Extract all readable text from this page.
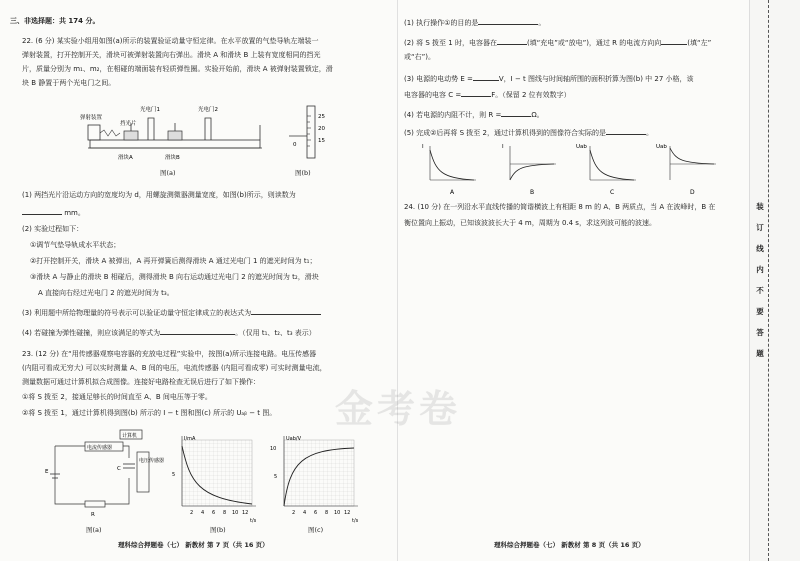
三、非选择题：共 174 分。
22. (6 分) 某实验小组用如图(a)所示的装置验证动量守恒定律。在水平放置的气垫导轨左端装一
弹射装置，打开控制开关，滑块可被弹射装置向右弹出。滑块 A 和滑块 B 上装有宽度相同的挡光
片，质量分别为 m₁、m₂，在相碰的端面装有轻质弹性圈。实验开始前，滑块 A 被弹射装置锁定，滑
块 B 静置于两个光电门之间。
弹射装置
挡光片
光电门1	光电门2
滑块A	滑块B
图(a)
25
20
15
0
图(b)
(1) 两挡光片沿运动方向的宽度均为 d，用螺旋测微器测量宽度，如图(b)所示，则读数为
mm。
(2) 实验过程如下：
①调节气垫导轨成水平状态；
②打开控制开关，滑块 A 被弹出，A 再开弹簧后测得滑块 A 通过光电门 1 的遮光时间为 t₁；
③滑块 A 与静止的滑块 B 相碰后，测得滑块 B 向右运动通过光电门 2 的遮光时间为 t₂，滑块
A 直接向右经过光电门 2 的遮光时间为 t₃。
(3) 利用题中所给物理量的符号表示可以验证动量守恒定律成立的表达式为
(4) 若碰撞为弹性碰撞，则应该满足的等式为	。（仅用 t₁、t₂、t₃ 表示）
23. (12 分) 在“用传感器观察电容器的充放电过程”实验中，按图(a)所示连接电路。电压传感器
(内阻可看成无穷大) 可以实时测量 A、B 间的电压，电流传感器 (内阻可看成零) 可实时测量电流，
测量数据可通过计算机拟合成图像。连接好电路检查无误后进行了如下操作：
①将 S 拨至 2，接通足够长的时间直至 A、B 间电压等于零。
②将 S 拨至 1，通过计算机得到图(b) 所示的 I − t 图和图(c) 所示的 Uₐᵦ − t 图。
计算机
电流传感器
电压传感器
E
R
C
图(a)
I/mA
5
2 4 6 8 10 12
t/s
图(b)
Uab/V
10
5
2 4 6 8 10 12
t/s
图(c)
理科综合押题卷（七） 新教材 第 7 页（共 16 页）
金考卷
(1) 执行操作①的目的是	。
(2) 将 S 拨至 1 时，电容器在	(填“充电”或“放电”)，通过 R 的电流方向向	(填“左”
或“右”)。
(3) 电源的电动势 E =	V，I − t 图线与时间轴所围的面积折算为图(b) 中 27 小格，该
电容器的电容 C =	F。（保留 2 位有效数字）
(4) 若电源的内阻不计，则 R =	Ω。
(5) 完成②后再将 S 拨至 2，通过计算机得到的图像符合实际的是	。
I
A
I
B
Uab
C
Uab
D
24. (10 分) 在一列沿水平直线传播的简谐横波上有相距 8 m 的 A、B 两质点，当 A 在波峰时，B 在
衡位置向上振动，已知该波波长大于 4 m，周期为 0.4 s，求这列波可能的波速。
理科综合押题卷（七） 新教材 第 8 页（共 16 页）
装订线内不要答题
